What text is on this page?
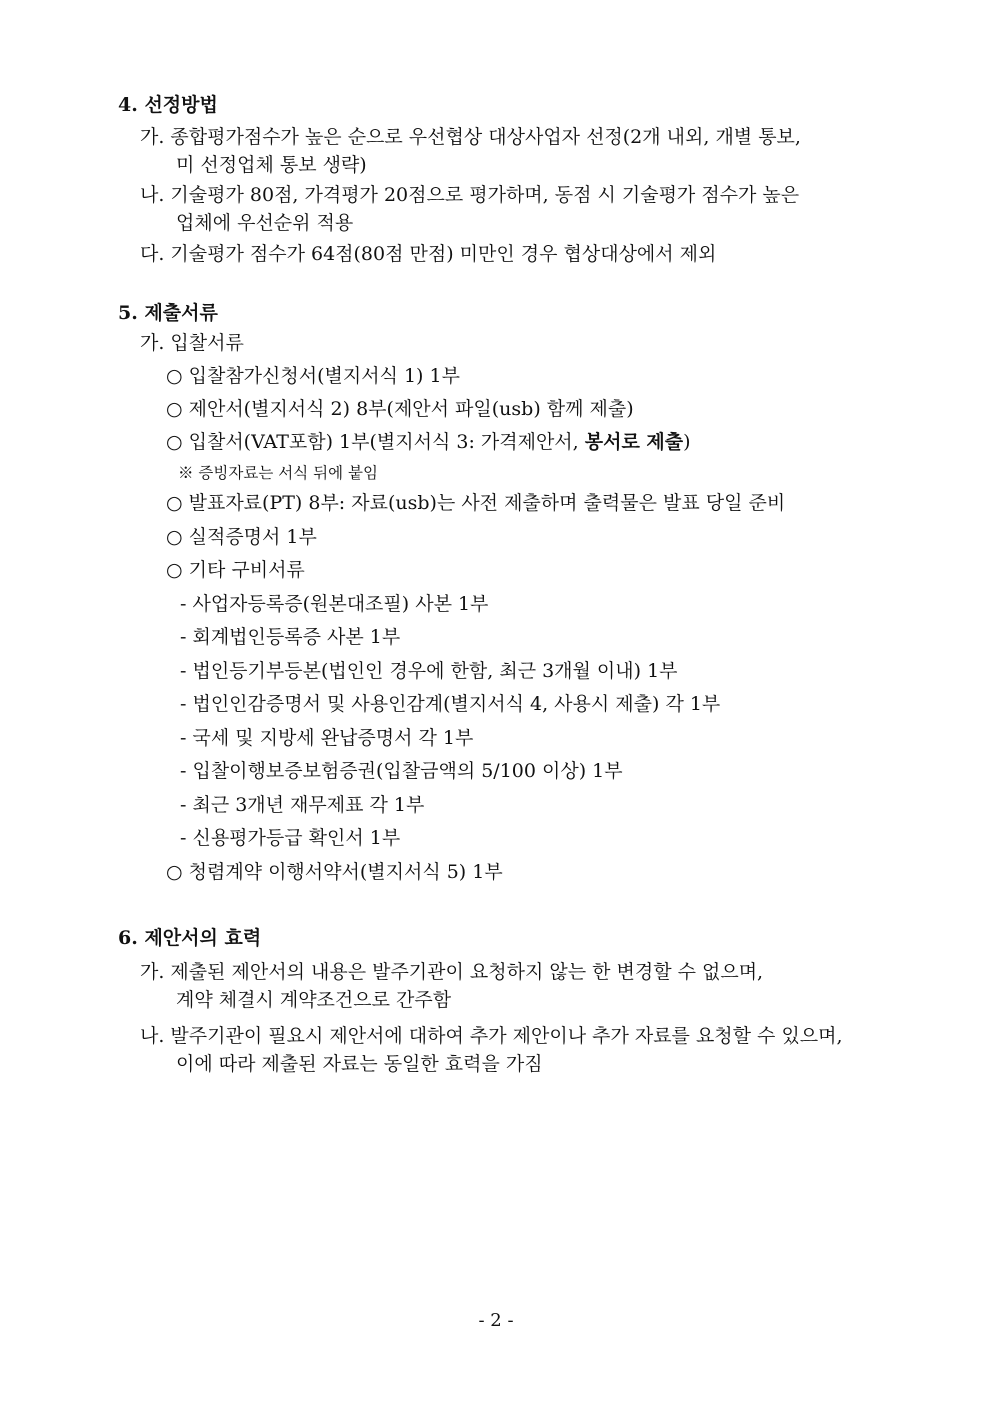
4. 선정방법
가. 종합평가점수가 높은 순으로 우선협상 대상사업자 선정(2개 내외, 개별 통보,
미 선정업체 통보 생략)
나. 기술평가 80점, 가격평가 20점으로 평가하며, 동점 시 기술평가 점수가 높은
업체에 우선순위 적용
다. 기술평가 점수가 64점(80점 만점) 미만인 경우 협상대상에서 제외
5. 제출서류
가. 입찰서류
○ 입찰참가신청서(별지서식 1) 1부
○ 제안서(별지서식 2) 8부(제안서 파일(usb) 함께 제출)
○ 입찰서(VAT포함) 1부(별지서식 3: 가격제안서, 봉서로 제출)
※ 증빙자료는 서식 뒤에 붙임
○ 발표자료(PT) 8부: 자료(usb)는 사전 제출하며 출력물은 발표 당일 준비
○ 실적증명서 1부
○ 기타 구비서류
- 사업자등록증(원본대조필) 사본 1부
- 회계법인등록증 사본 1부
- 법인등기부등본(법인인 경우에 한함, 최근 3개월 이내) 1부
- 법인인감증명서 및 사용인감계(별지서식 4, 사용시 제출) 각 1부
- 국세 및 지방세 완납증명서 각 1부
- 입찰이행보증보험증권(입찰금액의 5/100 이상) 1부
- 최근 3개년 재무제표 각 1부
- 신용평가등급 확인서 1부
○ 청렴계약 이행서약서(별지서식 5) 1부
6. 제안서의 효력
가. 제출된 제안서의 내용은 발주기관이 요청하지 않는 한 변경할 수 없으며,
계약 체결시 계약조건으로 간주함
나. 발주기관이 필요시 제안서에 대하여 추가 제안이나 추가 자료를 요청할 수 있으며,
이에 따라 제출된 자료는 동일한 효력을 가짐
- 2 -
